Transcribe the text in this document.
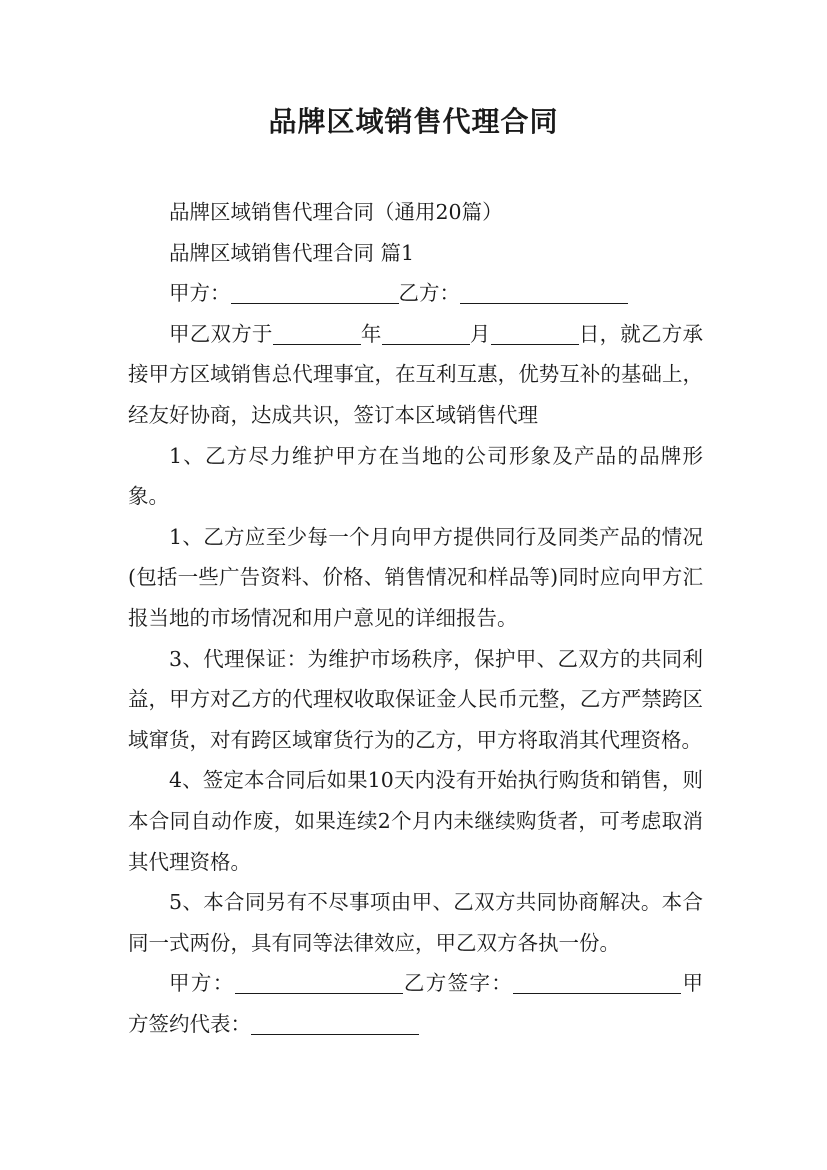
品牌区域销售代理合同

品牌区域销售代理合同（通用20篇）

品牌区域销售代理合同 篇1

甲方：	乙方：

甲乙双方于	年	月	日，就乙方承接甲方区域销售总代理事宜，在互利互惠，优势互补的基础上，经友好协商，达成共识，签订本区域销售代理

1、乙方尽力维护甲方在当地的公司形象及产品的品牌形象。

1、乙方应至少每一个月向甲方提供同行及同类产品的情况(包括一些广告资料、价格、销售情况和样品等)同时应向甲方汇报当地的市场情况和用户意见的详细报告。

3、代理保证：为维护市场秩序，保护甲、乙双方的共同利益，甲方对乙方的代理权收取保证金人民币元整，乙方严禁跨区域窜货，对有跨区域窜货行为的乙方，甲方将取消其代理资格。

4、签定本合同后如果10天内没有开始执行购货和销售，则本合同自动作废，如果连续2个月内未继续购货者，可考虑取消其代理资格。

5、本合同另有不尽事项由甲、乙双方共同协商解决。本合同一式两份，具有同等法律效应，甲乙双方各执一份。

甲方：	乙方签字：	甲方签约代表：
